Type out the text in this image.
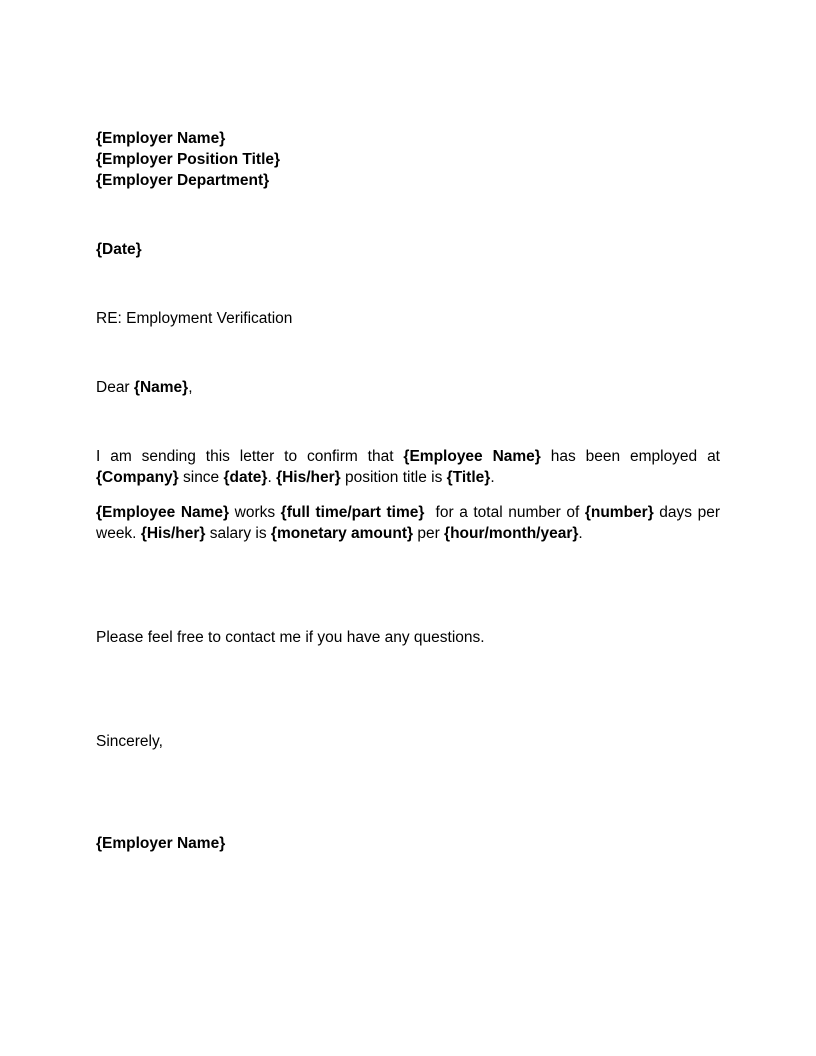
{Employer Name}
{Employer Position Title}
{Employer Department}
{Date}
RE: Employment Verification
Dear {Name},

I am sending this letter to confirm that {Employee Name} has been employed at {Company} since {date}. {His/her} position title is {Title}.

{Employee Name} works {full time/part time}  for a total number of {number} days per week. {His/her} salary is {monetary amount} per {hour/month/year}.

Please feel free to contact me if you have any questions.
Sincerely,
{Employer Name}
